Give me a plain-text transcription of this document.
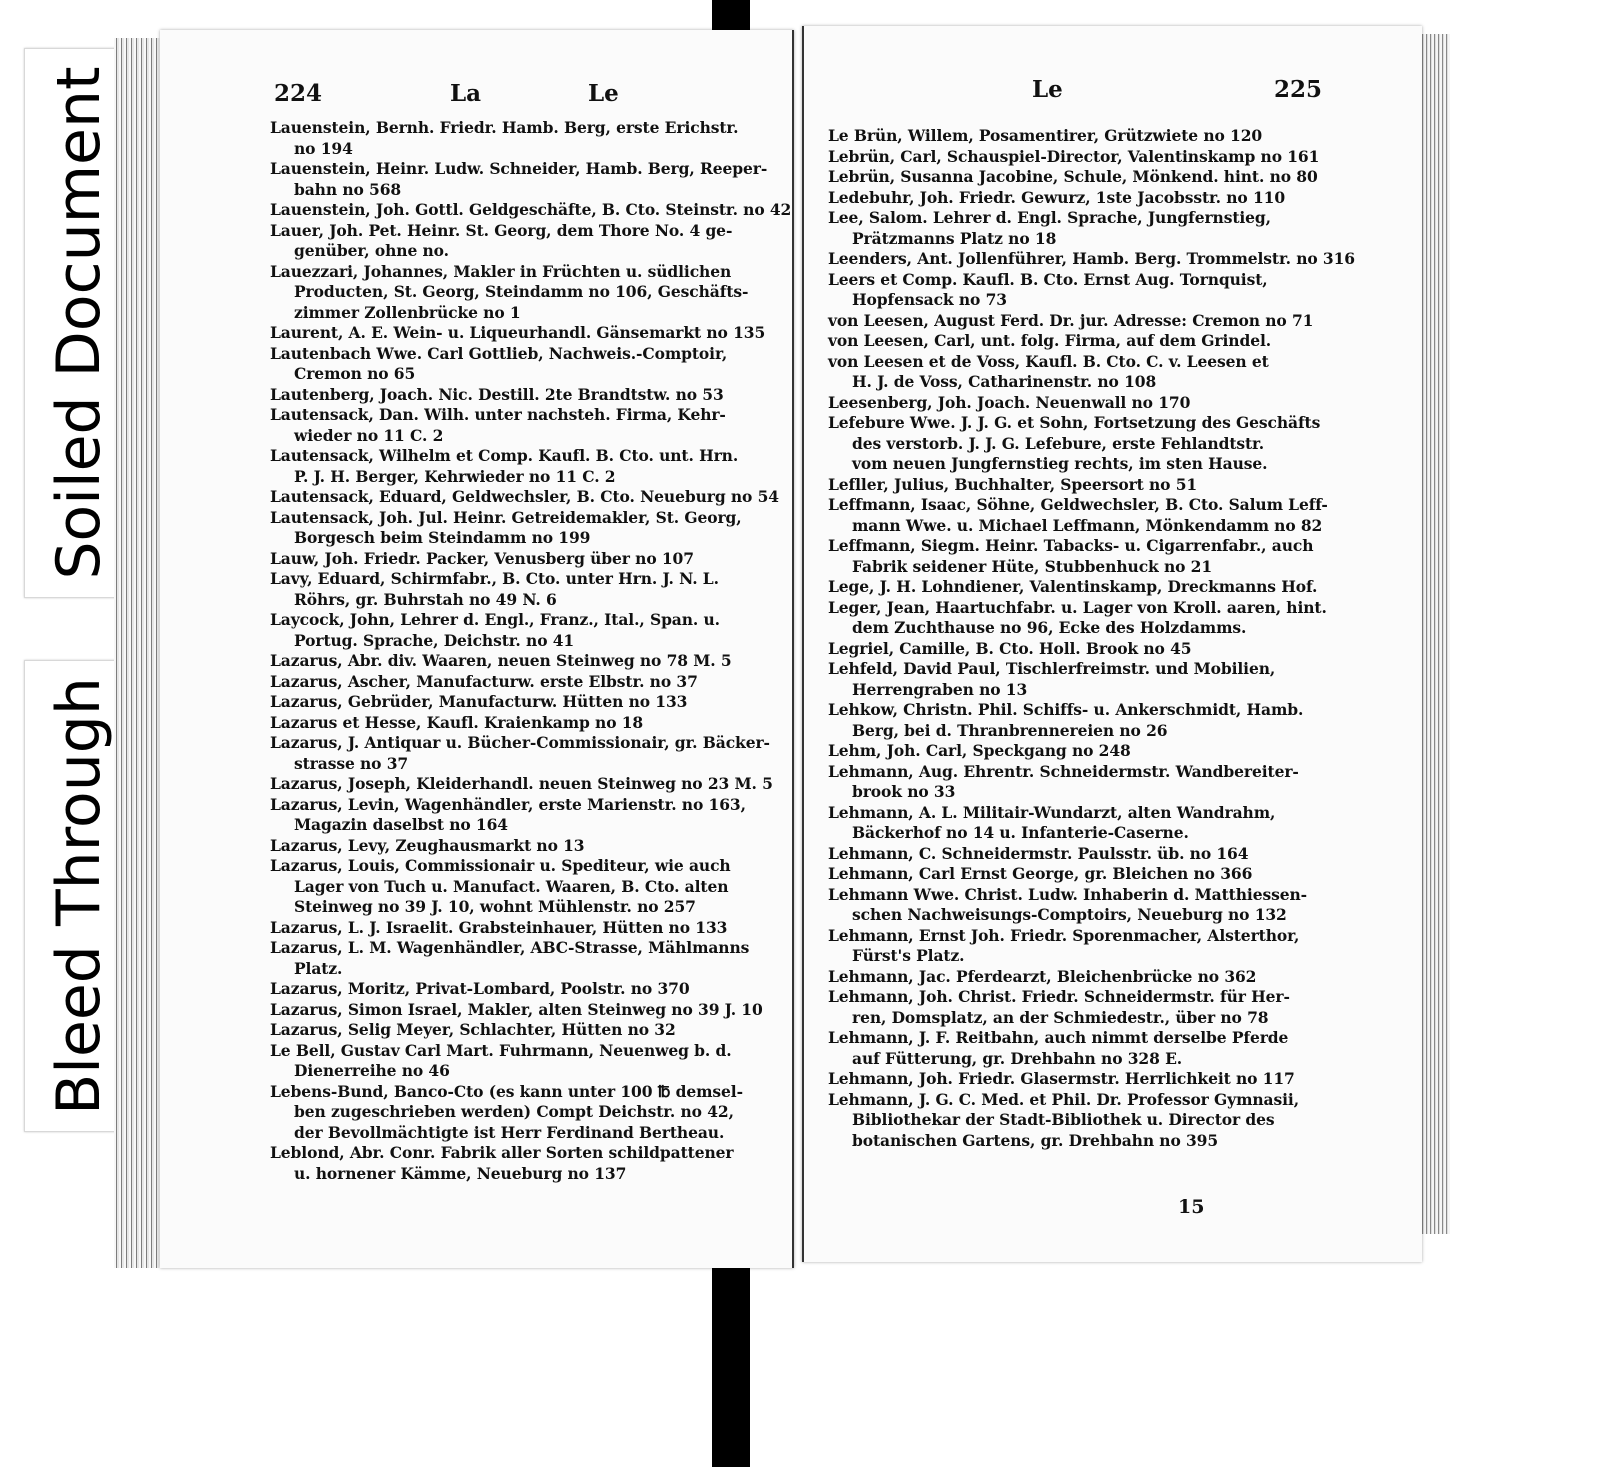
Soiled Document
Bleed Through
224	La	Le
Lauenstein, Bernh. Friedr. Hamb. Berg, erste Erichstr.
no 194
Lauenstein, Heinr. Ludw. Schneider, Hamb. Berg, Reeper-
bahn no 568
Lauenstein, Joh. Gottl. Geldgeschäfte, B. Cto. Steinstr. no 42
Lauer, Joh. Pet. Heinr. St. Georg, dem Thore No. 4 ge-
genüber, ohne no.
Lauezzari, Johannes, Makler in Früchten u. südlichen
Producten, St. Georg, Steindamm no 106, Geschäfts-
zimmer Zollenbrücke no 1
Laurent, A. E. Wein- u. Liqueurhandl. Gänsemarkt no 135
Lautenbach Wwe. Carl Gottlieb, Nachweis.-Comptoir,
Cremon no 65
Lautenberg, Joach. Nic. Destill. 2te Brandtstw. no 53
Lautensack, Dan. Wilh. unter nachsteh. Firma, Kehr-
wieder no 11 C. 2
Lautensack, Wilhelm et Comp. Kaufl. B. Cto. unt. Hrn.
P. J. H. Berger, Kehrwieder no 11 C. 2
Lautensack, Eduard, Geldwechsler, B. Cto. Neueburg no 54
Lautensack, Joh. Jul. Heinr. Getreidemakler, St. Georg,
Borgesch beim Steindamm no 199
Lauw, Joh. Friedr. Packer, Venusberg über no 107
Lavy, Eduard, Schirmfabr., B. Cto. unter Hrn. J. N. L.
Röhrs, gr. Buhrstah no 49 N. 6
Laycock, John, Lehrer d. Engl., Franz., Ital., Span. u.
Portug. Sprache, Deichstr. no 41
Lazarus, Abr. div. Waaren, neuen Steinweg no 78 M. 5
Lazarus, Ascher, Manufacturw. erste Elbstr. no 37
Lazarus, Gebrüder, Manufacturw. Hütten no 133
Lazarus et Hesse, Kaufl. Kraienkamp no 18
Lazarus, J. Antiquar u. Bücher-Commissionair, gr. Bäcker-
strasse no 37
Lazarus, Joseph, Kleiderhandl. neuen Steinweg no 23 M. 5
Lazarus, Levin, Wagenhändler, erste Marienstr. no 163,
Magazin daselbst no 164
Lazarus, Levy, Zeughausmarkt no 13
Lazarus, Louis, Commissionair u. Spediteur, wie auch
Lager von Tuch u. Manufact. Waaren, B. Cto. alten
Steinweg no 39 J. 10, wohnt Mühlenstr. no 257
Lazarus, L. J. Israelit. Grabsteinhauer, Hütten no 133
Lazarus, L. M. Wagenhändler, ABC-Strasse, Mählmanns
Platz.
Lazarus, Moritz, Privat-Lombard, Poolstr. no 370
Lazarus, Simon Israel, Makler, alten Steinweg no 39 J. 10
Lazarus, Selig Meyer, Schlachter, Hütten no 32
Le Bell, Gustav Carl Mart. Fuhrmann, Neuenweg b. d.
Dienerreihe no 46
Lebens-Bund, Banco-Cto (es kann unter 100 ℔ demsel-
ben zugeschrieben werden) Compt Deichstr. no 42,
der Bevollmächtigte ist Herr Ferdinand Bertheau.
Leblond, Abr. Conr. Fabrik aller Sorten schildpattener
u. hornener Kämme, Neueburg no 137
Le	225
Le Brün, Willem, Posamentirer, Grützwiete no 120
Lebrün, Carl, Schauspiel-Director, Valentinskamp no 161
Lebrün, Susanna Jacobine, Schule, Mönkend. hint. no 80
Ledebuhr, Joh. Friedr. Gewurz, 1ste Jacobsstr. no 110
Lee, Salom. Lehrer d. Engl. Sprache, Jungfernstieg,
Prätzmanns Platz no 18
Leenders, Ant. Jollenführer, Hamb. Berg. Trommelstr. no 316
Leers et Comp. Kaufl. B. Cto. Ernst Aug. Tornquist,
Hopfensack no 73
von Leesen, August Ferd. Dr. jur. Adresse: Cremon no 71
von Leesen, Carl, unt. folg. Firma, auf dem Grindel.
von Leesen et de Voss, Kaufl. B. Cto. C. v. Leesen et
H. J. de Voss, Catharinenstr. no 108
Leesenberg, Joh. Joach. Neuenwall no 170
Lefebure Wwe. J. J. G. et Sohn, Fortsetzung des Geschäfts
des verstorb. J. J. G. Lefebure, erste Fehlandtstr.
vom neuen Jungfernstieg rechts, im sten Hause.
Lefller, Julius, Buchhalter, Speersort no 51
Leffmann, Isaac, Söhne, Geldwechsler, B. Cto. Salum Leff-
mann Wwe. u. Michael Leffmann, Mönkendamm no 82
Leffmann, Siegm. Heinr. Tabacks- u. Cigarrenfabr., auch
Fabrik seidener Hüte, Stubbenhuck no 21
Lege, J. H. Lohndiener, Valentinskamp, Dreckmanns Hof.
Leger, Jean, Haartuchfabr. u. Lager von Kroll. aaren, hint.
dem Zuchthause no 96, Ecke des Holzdamms.
Legriel, Camille, B. Cto. Holl. Brook no 45
Lehfeld, David Paul, Tischlerfreimstr. und Mobilien,
Herrengraben no 13
Lehkow, Christn. Phil. Schiffs- u. Ankerschmidt, Hamb.
Berg, bei d. Thranbrennereien no 26
Lehm, Joh. Carl, Speckgang no 248
Lehmann, Aug. Ehrentr. Schneidermstr. Wandbereiter-
brook no 33
Lehmann, A. L. Militair-Wundarzt, alten Wandrahm,
Bäckerhof no 14 u. Infanterie-Caserne.
Lehmann, C. Schneidermstr. Paulsstr. üb. no 164
Lehmann, Carl Ernst George, gr. Bleichen no 366
Lehmann Wwe. Christ. Ludw. Inhaberin d. Matthiessen-
schen Nachweisungs-Comptoirs, Neueburg no 132
Lehmann, Ernst Joh. Friedr. Sporenmacher, Alsterthor,
Fürst's Platz.
Lehmann, Jac. Pferdearzt, Bleichenbrücke no 362
Lehmann, Joh. Christ. Friedr. Schneidermstr. für Her-
ren, Domsplatz, an der Schmiedestr., über no 78
Lehmann, J. F. Reitbahn, auch nimmt derselbe Pferde
auf Fütterung, gr. Drehbahn no 328 E.
Lehmann, Joh. Friedr. Glasermstr. Herrlichkeit no 117
Lehmann, J. G. C. Med. et Phil. Dr. Professor Gymnasii,
Bibliothekar der Stadt-Bibliothek u. Director des
botanischen Gartens, gr. Drehbahn no 395
15
